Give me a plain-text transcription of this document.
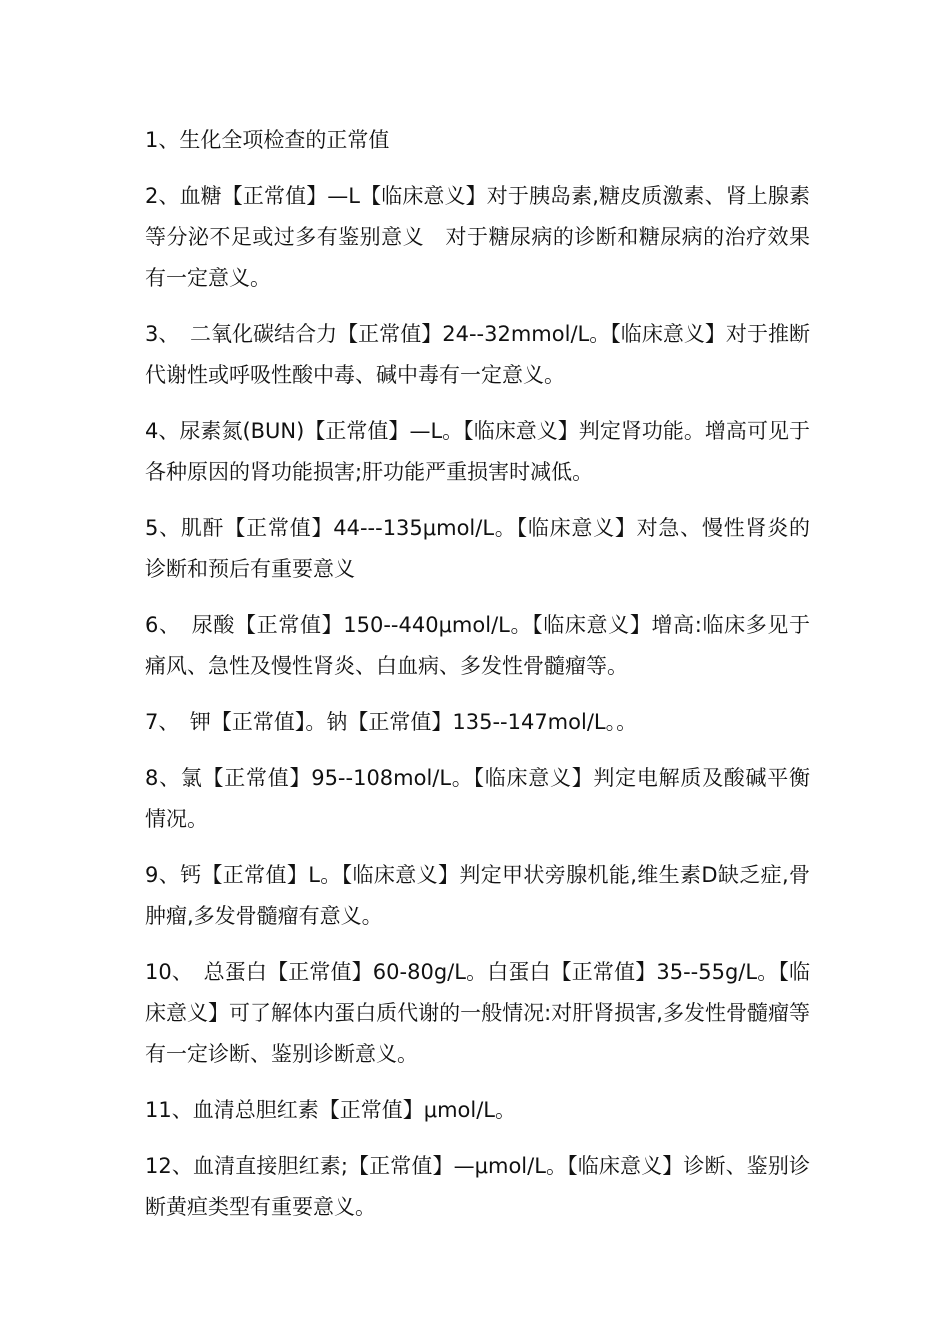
1、生化全项检查的正常值

2、血糖【正常值】—L【临床意义】对于胰岛素,糖皮质激素、肾上腺素等分泌不足或过多有鉴别意义　对于糖尿病的诊断和糖尿病的治疗效果有一定意义。

3、　二氧化碳结合力【正常值】24--32mmol/L。【临床意义】对于推断代谢性或呼吸性酸中毒、碱中毒有一定意义。

4、尿素氮(BUN)【正常值】—L。【临床意义】判定肾功能。增高可见于各种原因的肾功能损害;肝功能严重损害时减低。

5、肌酐【正常值】44---135μmol/L。【临床意义】对急、慢性肾炎的诊断和预后有重要意义

6、　尿酸【正常值】150--440μmol/L。【临床意义】增高:临床多见于痛风、急性及慢性肾炎、白血病、多发性骨髓瘤等。

7、　钾【正常值】。钠【正常值】135--147mol/L。。

8、氯【正常值】95--108mol/L。【临床意义】判定电解质及酸碱平衡情况。

9、钙【正常值】L。【临床意义】判定甲状旁腺机能,维生素D缺乏症,骨肿瘤,多发骨髓瘤有意义。

10、　总蛋白【正常值】60-80g/L。白蛋白【正常值】35--55g/L。【临床意义】可了解体内蛋白质代谢的一般情况:对肝肾损害,多发性骨髓瘤等有一定诊断、鉴别诊断意义。

11、血清总胆红素【正常值】μmol/L。

12、血清直接胆红素;【正常值】—μmol/L。【临床意义】诊断、鉴别诊断黄疸类型有重要意义。
